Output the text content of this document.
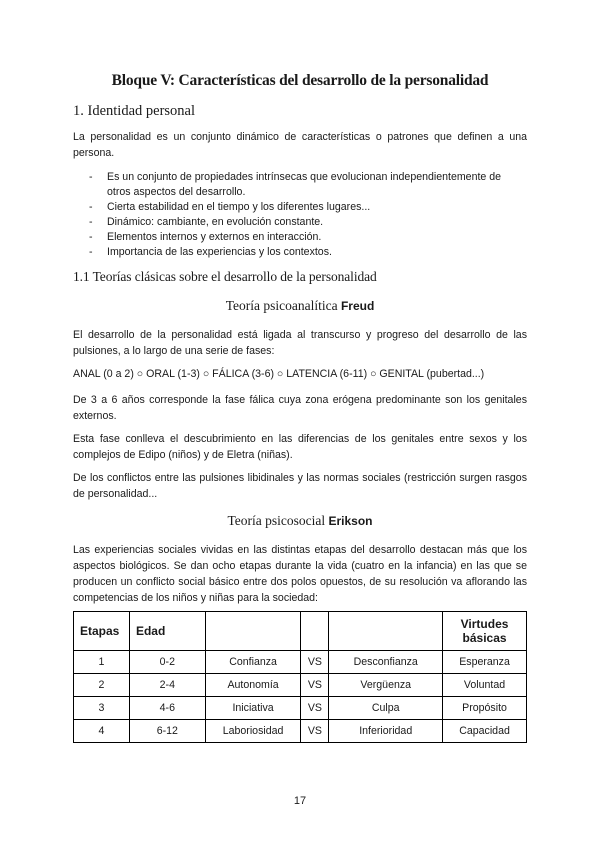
Bloque V: Características del desarrollo de la personalidad
1. Identidad personal

La personalidad es un conjunto dinámico de características o patrones que definen a una persona.

- Es un conjunto de propiedades intrínsecas que evolucionan independientemente de otros aspectos del desarrollo.
- Cierta estabilidad en el tiempo y los diferentes lugares...
- Dinámico: cambiante, en evolución constante.
- Elementos internos y externos en interacción.
- Importancia de las experiencias y los contextos.
1.1 Teorías clásicas sobre el desarrollo de la personalidad
Teoría psicoanalítica Freud

El desarrollo de la personalidad está ligada al transcurso y progreso del desarrollo de las pulsiones, a lo largo de una serie de fases:

ANAL (0 a 2) ○ ORAL (1-3) ○ FÁLICA (3-6) ○ LATENCIA (6-11) ○ GENITAL (pubertad...)

De 3 a 6 años corresponde la fase fálica cuya zona erógena predominante son los genitales externos.

Esta fase conlleva el descubrimiento en las diferencias de los genitales entre sexos y los complejos de Edipo (niños) y de Eletra (niñas).

De los conflictos entre las pulsiones libidinales y las normas sociales (restricción surgen rasgos de personalidad...

Teoría psicosocial Erikson

Las experiencias sociales vividas en las distintas etapas del desarrollo destacan más que los aspectos biológicos. Se dan ocho etapas durante la vida (cuatro en la infancia) en las que se producen un conflicto social básico entre dos polos opuestos, de su resolución va aflorando las competencias de los niños y niñas para la sociedad:

Etapas	Edad				Virtudes básicas
1	0-2	Confianza	VS	Desconfianza	Esperanza
2	2-4	Autonomía	VS	Vergüenza	Voluntad
3	4-6	Iniciativa	VS	Culpa	Propósito
4	6-12	Laboriosidad	VS	Inferioridad	Capacidad
17
